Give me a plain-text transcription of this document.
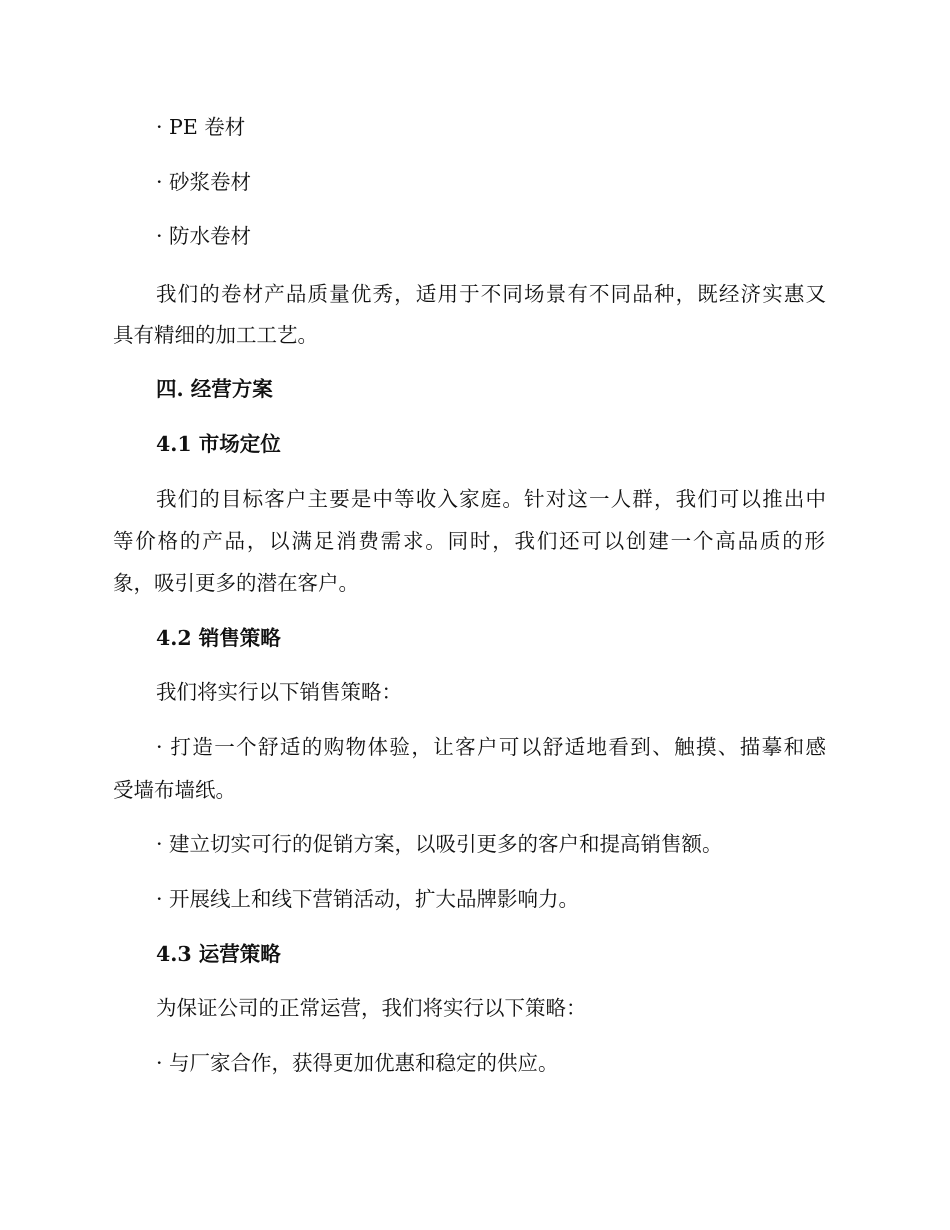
· PE 卷材
· 砂浆卷材
· 防水卷材
我们的卷材产品质量优秀，适用于不同场景有不同品种，既经济实惠又
具有精细的加工工艺。
四. 经营方案
4.1 市场定位
我们的目标客户主要是中等收入家庭。针对这一人群，我们可以推出中
等价格的产品，以满足消费需求。同时，我们还可以创建一个高品质的形
象，吸引更多的潜在客户。
4.2 销售策略
我们将实行以下销售策略：
· 打造一个舒适的购物体验，让客户可以舒适地看到、触摸、描摹和感
受墙布墙纸。
· 建立切实可行的促销方案，以吸引更多的客户和提高销售额。
· 开展线上和线下营销活动，扩大品牌影响力。
4.3 运营策略
为保证公司的正常运营，我们将实行以下策略：
· 与厂家合作，获得更加优惠和稳定的供应。
